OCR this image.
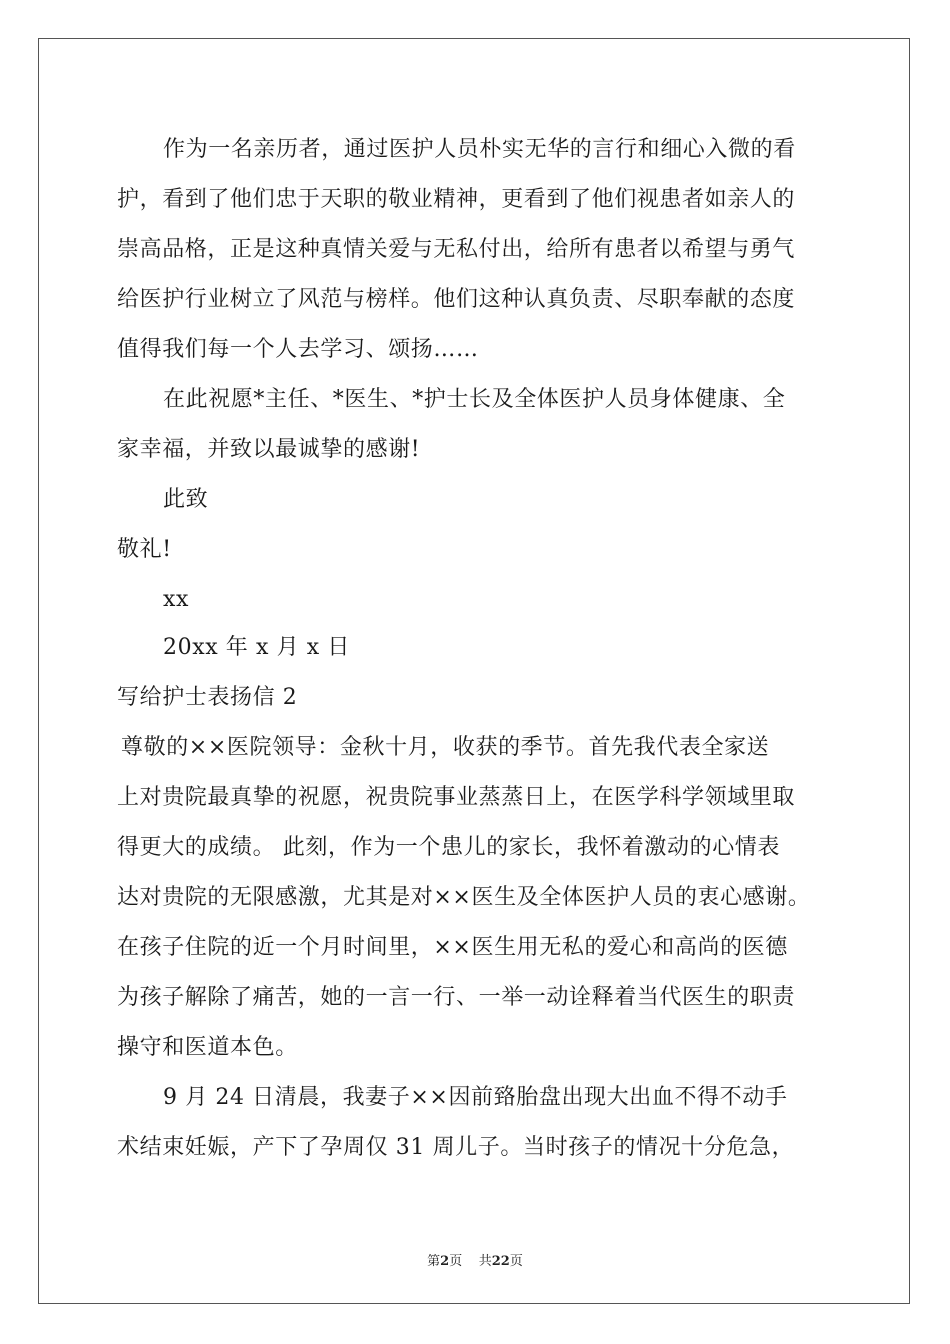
作为一名亲历者，通过医护人员朴实无华的言行和细心入微的看
护，看到了他们忠于天职的敬业精神，更看到了他们视患者如亲人的
崇高品格，正是这种真情关爱与无私付出，给所有患者以希望与勇气
给医护行业树立了风范与榜样。他们这种认真负责、尽职奉献的态度
值得我们每一个人去学习、颂扬……
在此祝愿*主任、*医生、*护士长及全体医护人员身体健康、全
家幸福，并致以最诚挚的感谢!
此致
敬礼!
xx
20xx 年 x 月 x 日
写给护士表扬信 2
尊敬的××医院领导：金秋十月，收获的季节。首先我代表全家送
上对贵院最真挚的祝愿，祝贵院事业蒸蒸日上，在医学科学领域里取
得更大的成绩。 此刻，作为一个患儿的家长，我怀着激动的心情表
达对贵院的无限感激，尤其是对××医生及全体医护人员的衷心感谢。
在孩子住院的近一个月时间里，××医生用无私的爱心和高尚的医德
为孩子解除了痛苦，她的一言一行、一举一动诠释着当代医生的职责
操守和医道本色。
9 月 24 日清晨，我妻子××因前臵胎盘出现大出血不得不动手
术结束妊娠，产下了孕周仅 31 周儿子。当时孩子的情况十分危急，
第2页 共22页
